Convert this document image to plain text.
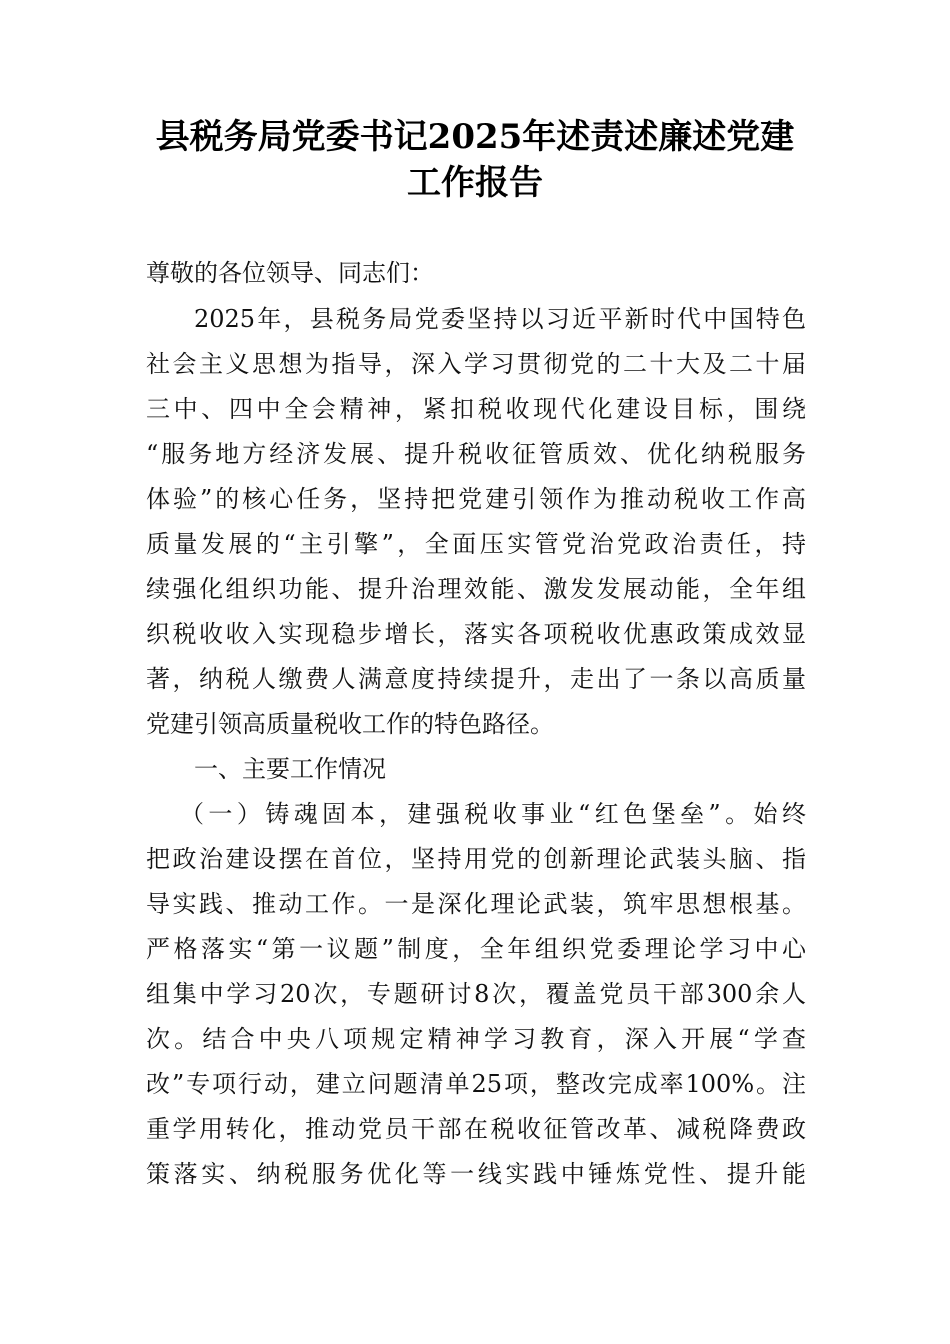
县税务局党委书记2025年述责述廉述党建
工作报告
尊敬的各位领导、同志们：
2025年，县税务局党委坚持以习近平新时代中国特色
社会主义思想为指导，深入学习贯彻党的二十大及二十届
三中、四中全会精神，紧扣税收现代化建设目标，围绕
“服务地方经济发展、提升税收征管质效、优化纳税服务
体验”的核心任务，坚持把党建引领作为推动税收工作高
质量发展的“主引擎”，全面压实管党治党政治责任，持
续强化组织功能、提升治理效能、激发发展动能，全年组
织税收收入实现稳步增长，落实各项税收优惠政策成效显
著，纳税人缴费人满意度持续提升，走出了一条以高质量
党建引领高质量税收工作的特色路径。
一、主要工作情况
（一）铸魂固本，建强税收事业“红色堡垒”。始终
把政治建设摆在首位，坚持用党的创新理论武装头脑、指
导实践、推动工作。一是深化理论武装，筑牢思想根基。
严格落实“第一议题”制度，全年组织党委理论学习中心
组集中学习20次，专题研讨8次，覆盖党员干部300余人
次。结合中央八项规定精神学习教育，深入开展“学查
改”专项行动，建立问题清单25项，整改完成率100%。注
重学用转化，推动党员干部在税收征管改革、减税降费政
策落实、纳税服务优化等一线实践中锤炼党性、提升能
